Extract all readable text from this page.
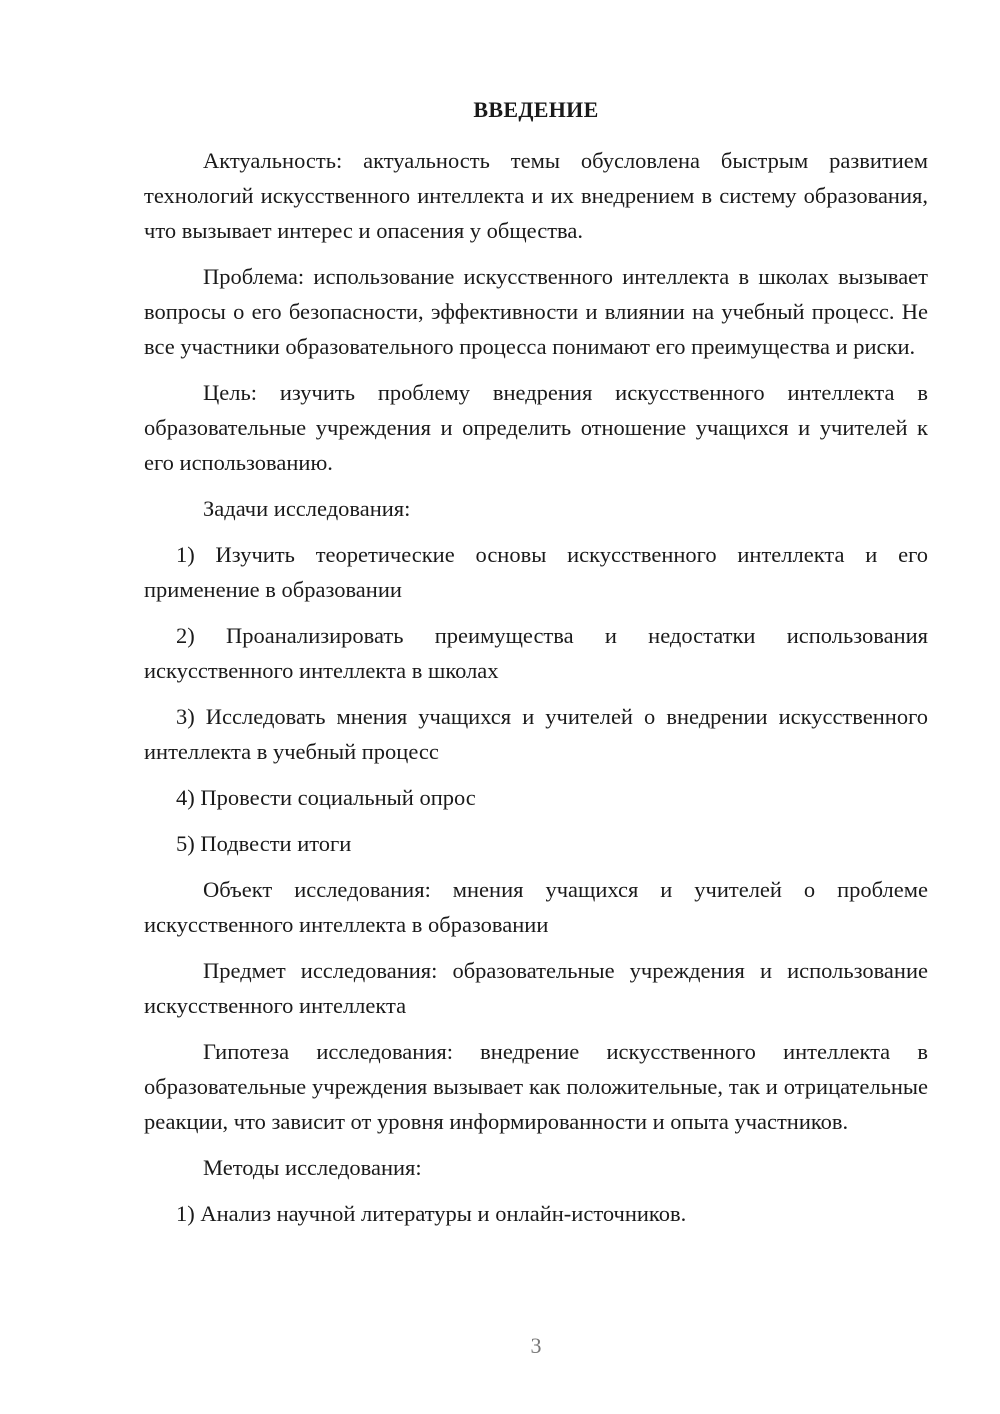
ВВЕДЕНИЕ

Актуальность: актуальность темы обусловлена быстрым развитием технологий искусственного интеллекта и их внедрением в систему образования, что вызывает интерес и опасения у общества.

Проблема: использование искусственного интеллекта в школах вызывает вопросы о его безопасности, эффективности и влиянии на учебный процесс. Не все участники образовательного процесса понимают его преимущества и риски.

Цель: изучить проблему внедрения искусственного интеллекта в образовательные учреждения и определить отношение учащихся и учителей к его использованию.

Задачи исследования:

1) Изучить теоретические основы искусственного интеллекта и его применение в образовании

2) Проанализировать преимущества и недостатки использования искусственного интеллекта в школах

3) Исследовать мнения учащихся и учителей о внедрении искусственного интеллекта в учебный процесс

4) Провести социальный опрос

5) Подвести итоги

Объект исследования: мнения учащихся и учителей о проблеме искусственного интеллекта в образовании

Предмет исследования: образовательные учреждения и использование искусственного интеллекта

Гипотеза исследования: внедрение искусственного интеллекта в образовательные учреждения вызывает как положительные, так и отрицательные реакции, что зависит от уровня информированности и опыта участников.

Методы исследования:

1) Анализ научной литературы и онлайн-источников.

3
